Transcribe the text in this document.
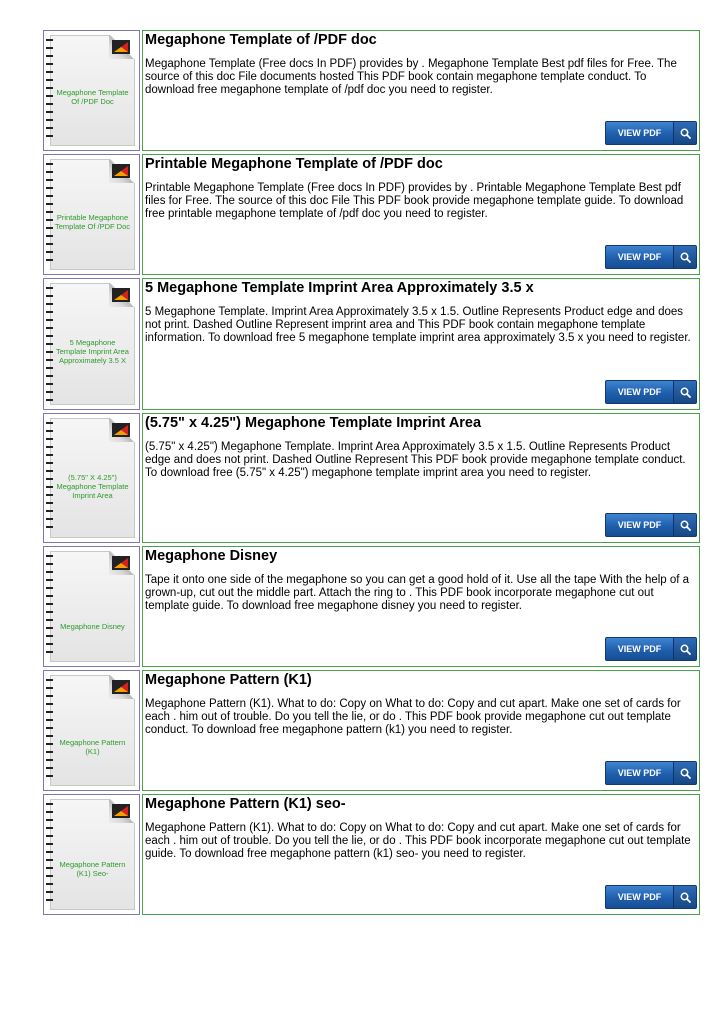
Megaphone Template Of /PDF Doc
Megaphone Template of /PDF doc

Megaphone Template (Free docs In PDF) provides by . Megaphone Template Best pdf files for Free. The source of this doc File documents hosted This PDF book contain megaphone template conduct. To download free megaphone template of /pdf doc you need to register.

VIEW PDF
Printable Megaphone Template Of /PDF Doc
Printable Megaphone Template of /PDF doc

Printable Megaphone Template (Free docs In PDF) provides by . Printable Megaphone Template Best pdf files for Free. The source of this doc File This PDF book provide megaphone template guide. To download free printable megaphone template of /pdf doc you need to register.

VIEW PDF
5 Megaphone Template Imprint Area Approximately 3.5 X
5 Megaphone Template Imprint Area Approximately 3.5 x

5 Megaphone Template. Imprint Area Approximately 3.5 x 1.5. Outline Represents Product edge and does not print. Dashed Outline Represent imprint area and This PDF book contain megaphone template information. To download free 5 megaphone template imprint area approximately 3.5 x you need to register.

VIEW PDF
(5.75" X 4.25") Megaphone Template Imprint Area
(5.75" x 4.25") Megaphone Template Imprint Area

(5.75" x 4.25") Megaphone Template. Imprint Area Approximately 3.5 x 1.5. Outline Represents Product edge and does not print. Dashed Outline Represent This PDF book provide megaphone template conduct. To download free (5.75" x 4.25") megaphone template imprint area you need to register.

VIEW PDF
Megaphone Disney
Megaphone Disney

Tape it onto one side of the megaphone so you can get a good hold of it. Use all the tape With the help of a grown-up, cut out the middle part. Attach the ring to . This PDF book incorporate megaphone cut out template guide. To download free megaphone disney you need to register.

VIEW PDF
Megaphone Pattern (K1)
Megaphone Pattern (K1)

Megaphone Pattern (K1). What to do: Copy on What to do: Copy and cut apart. Make one set of cards for each . him out of trouble. Do you tell the lie, or do . This PDF book provide megaphone cut out template conduct. To download free megaphone pattern (k1) you need to register.

VIEW PDF
Megaphone Pattern (K1) Seo-
Megaphone Pattern (K1) seo-

Megaphone Pattern (K1). What to do: Copy on What to do: Copy and cut apart. Make one set of cards for each . him out of trouble. Do you tell the lie, or do . This PDF book incorporate megaphone cut out template guide. To download free megaphone pattern (k1) seo- you need to register.

VIEW PDF
